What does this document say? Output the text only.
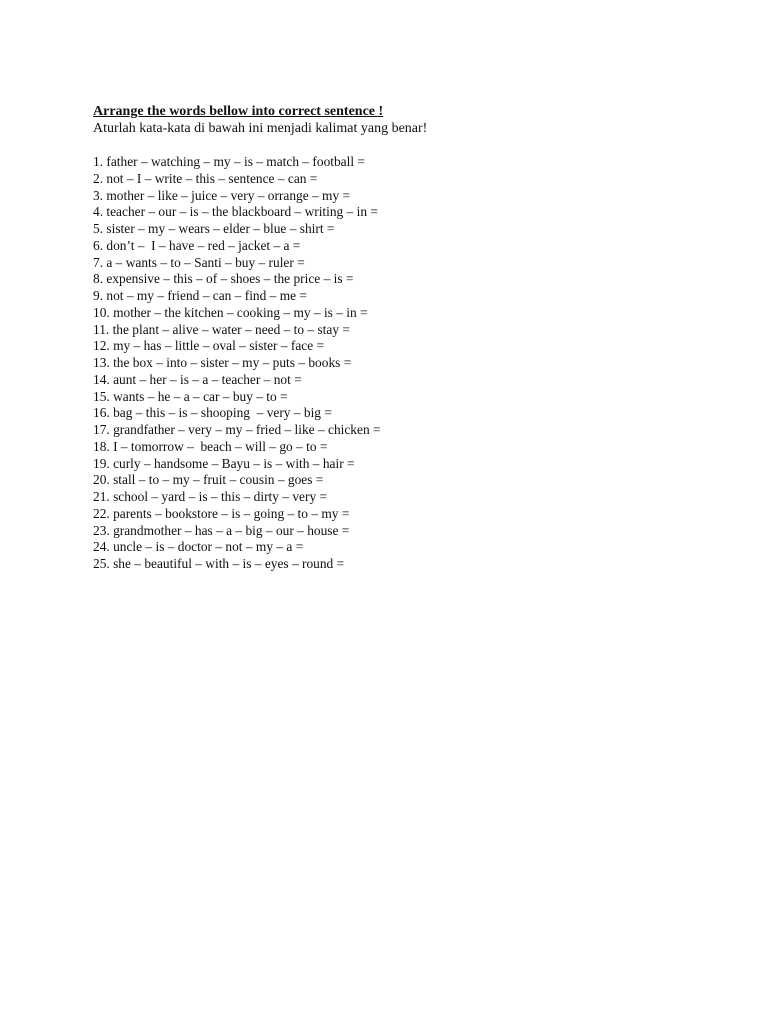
Arrange the words bellow into correct sentence !

Aturlah kata-kata di bawah ini menjadi kalimat yang benar!

1. father – watching – my – is – match – football =
2. not – I – write – this – sentence – can =
3. mother – like – juice – very – orrange – my =
4. teacher – our – is – the blackboard – writing – in =
5. sister – my – wears – elder – blue – shirt =
6. don’t –  I – have – red – jacket – a =
7. a – wants – to – Santi – buy – ruler =
8. expensive – this – of – shoes – the price – is =
9. not – my – friend – can – find – me =
10. mother – the kitchen – cooking – my – is – in =
11. the plant – alive – water – need – to – stay =
12. my – has – little – oval – sister – face =
13. the box – into – sister – my – puts – books =
14. aunt – her – is – a – teacher – not =
15. wants – he – a – car – buy – to =
16. bag – this – is – shooping  – very – big =
17. grandfather – very – my – fried – like – chicken =
18. I – tomorrow –  beach – will – go – to =
19. curly – handsome – Bayu – is – with – hair =
20. stall – to – my – fruit – cousin – goes =
21. school – yard – is – this – dirty – very =
22. parents – bookstore – is – going – to – my =
23. grandmother – has – a – big – our – house =
24. uncle – is – doctor – not – my – a =
25. she – beautiful – with – is – eyes – round =
